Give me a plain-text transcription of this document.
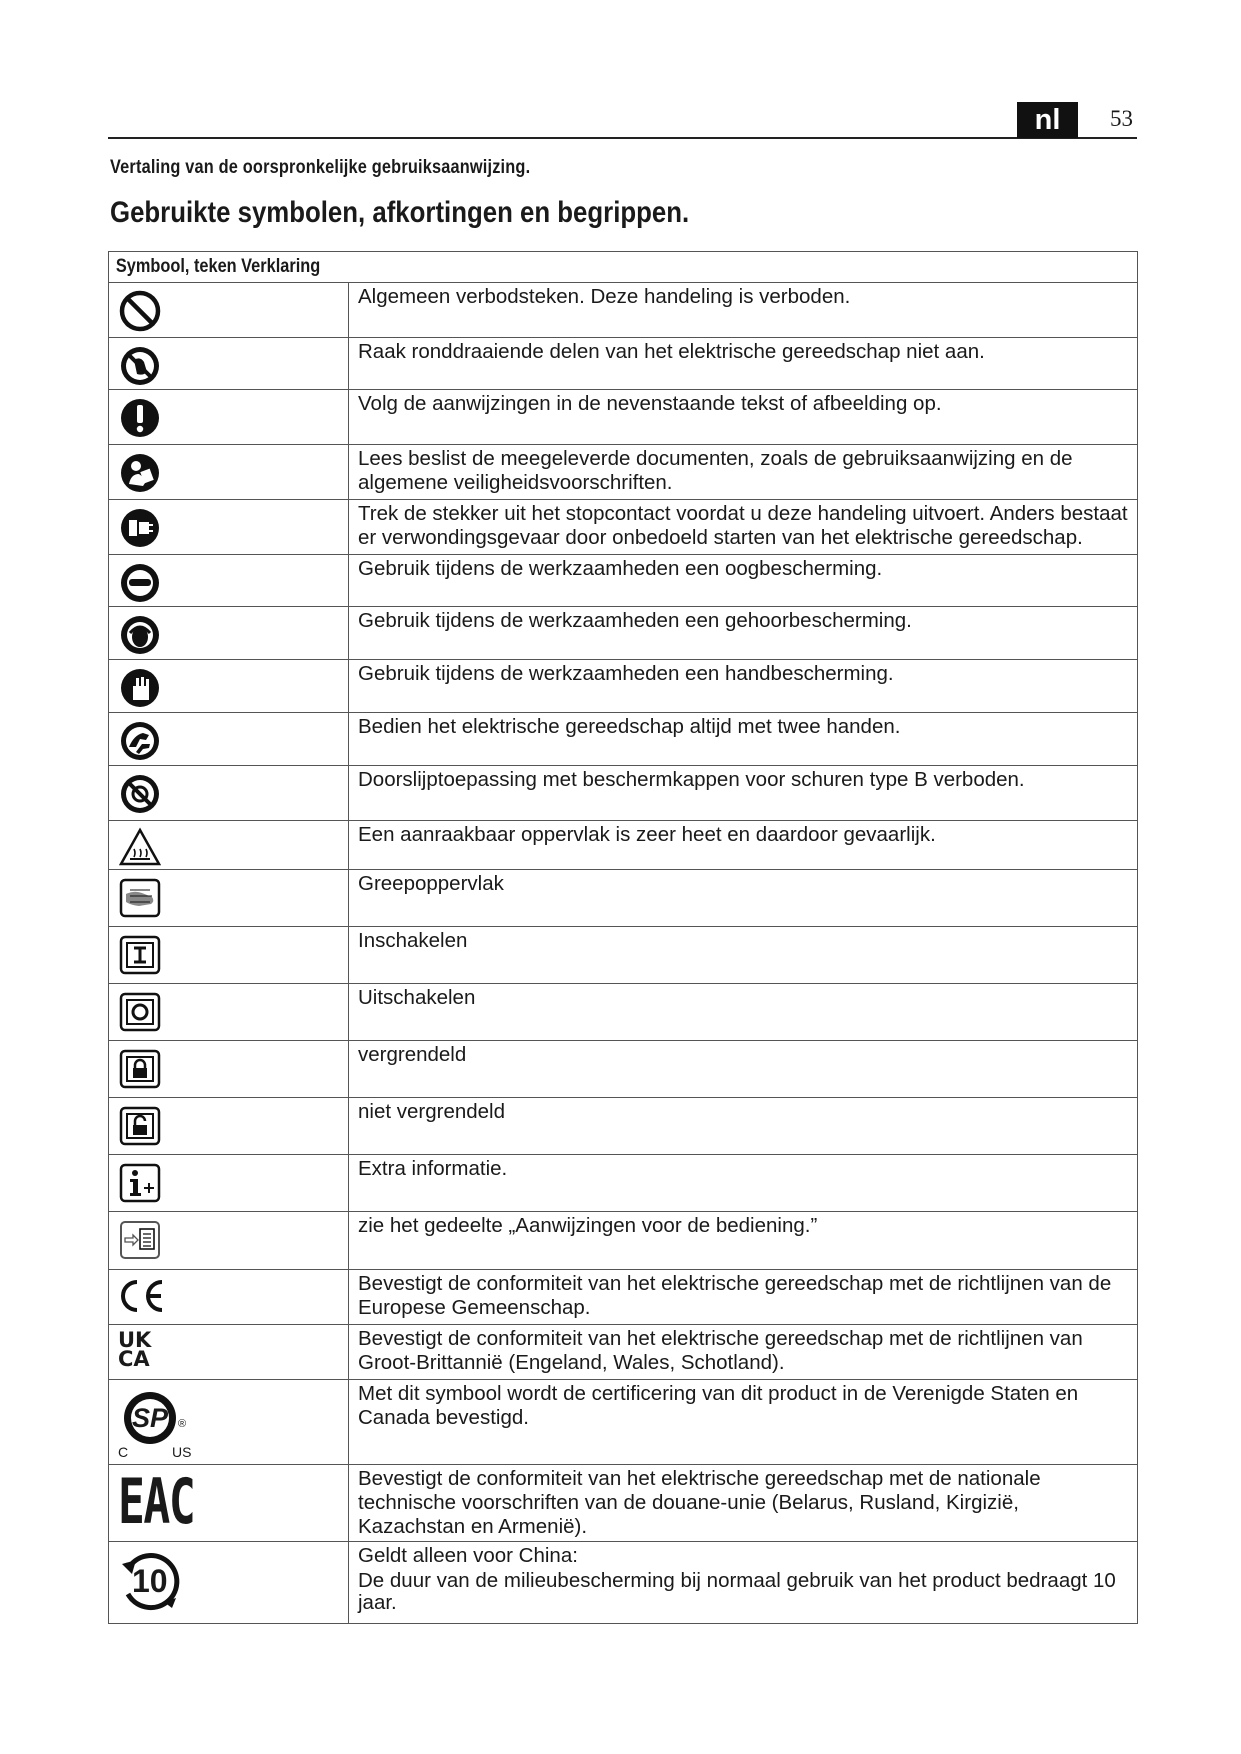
nl	53
Vertaling van de oorspronkelijke gebruiksaanwijzing.
Gebruikte symbolen, afkortingen en begrippen.
Symbool, teken Verklaring	

Algemeen verbodsteken. Deze handeling is verboden.

Raak ronddraaiende delen van het elektrische gereedschap niet aan.

Volg de aanwijzingen in de nevenstaande tekst of afbeelding op.

Lees beslist de meegeleverde documenten, zoals de gebruiksaanwijzing en de algemene veiligheidsvoorschriften.

Trek de stekker uit het stopcontact voordat u deze handeling uitvoert. Anders bestaat er verwondingsgevaar door onbedoeld starten van het elektrische gereedschap.

Gebruik tijdens de werkzaamheden een oogbescherming.

Gebruik tijdens de werkzaamheden een gehoorbescherming.

Gebruik tijdens de werkzaamheden een handbescherming.

Bedien het elektrische gereedschap altijd met twee handen.

Doorslijptoepassing met beschermkappen voor schuren type B verboden.

Een aanraakbaar oppervlak is zeer heet en daardoor gevaarlijk.

Greepoppervlak

Inschakelen

Uitschakelen

vergrendeld

niet vergrendeld

Extra informatie.

zie het gedeelte „Aanwijzingen voor de bediening.”

Bevestigt de conformiteit van het elektrische gereedschap met de richtlijnen van de Europese Gemeenschap.

UK
CA	Bevestigt de conformiteit van het elektrische gereedschap met de richtlijnen van Groot-Brittannië (Engeland, Wales, Schotland).

SP ®
C US	Met dit symbool wordt de certificering van dit product in de Verenigde Staten en Canada bevestigd.

EAC	Bevestigt de conformiteit van het elektrische gereedschap met de nationale technische voorschriften van de douane-unie (Belarus, Rusland, Kirgizië, Kazachstan en Armenië).

10	Geldt alleen voor China:
De duur van de milieubescherming bij normaal gebruik van het product bedraagt 10 jaar.
